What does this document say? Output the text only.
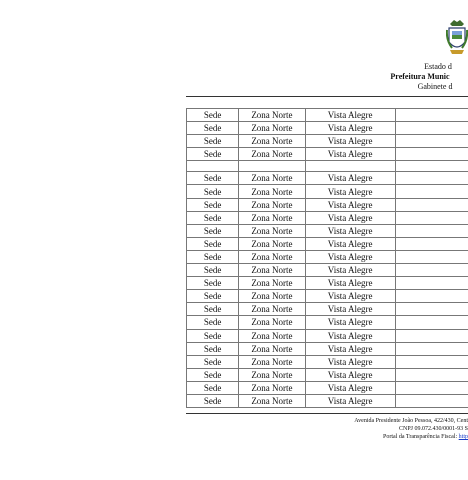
Estado d
Prefeitura Munic
Gabinete d
Sede	Zona Norte	Vista Alegre	
Sede	Zona Norte	Vista Alegre	
Sede	Zona Norte	Vista Alegre	
Sede	Zona Norte	Vista Alegre	

Sede	Zona Norte	Vista Alegre	
Sede	Zona Norte	Vista Alegre	
Sede	Zona Norte	Vista Alegre	
Sede	Zona Norte	Vista Alegre	
Sede	Zona Norte	Vista Alegre	
Sede	Zona Norte	Vista Alegre	
Sede	Zona Norte	Vista Alegre	
Sede	Zona Norte	Vista Alegre	
Sede	Zona Norte	Vista Alegre	
Sede	Zona Norte	Vista Alegre	
Sede	Zona Norte	Vista Alegre	
Sede	Zona Norte	Vista Alegre	
Sede	Zona Norte	Vista Alegre	
Sede	Zona Norte	Vista Alegre	
Sede	Zona Norte	Vista Alegre	
Sede	Zona Norte	Vista Alegre	
Sede	Zona Norte	Vista Alegre	
Sede	Zona Norte	Vista Alegre	
Avenida Presidente João Pessoa, 422/430, Cent
CNPJ 09.072.430/0001-93 S
Portal da Transparência Fiscal: http
